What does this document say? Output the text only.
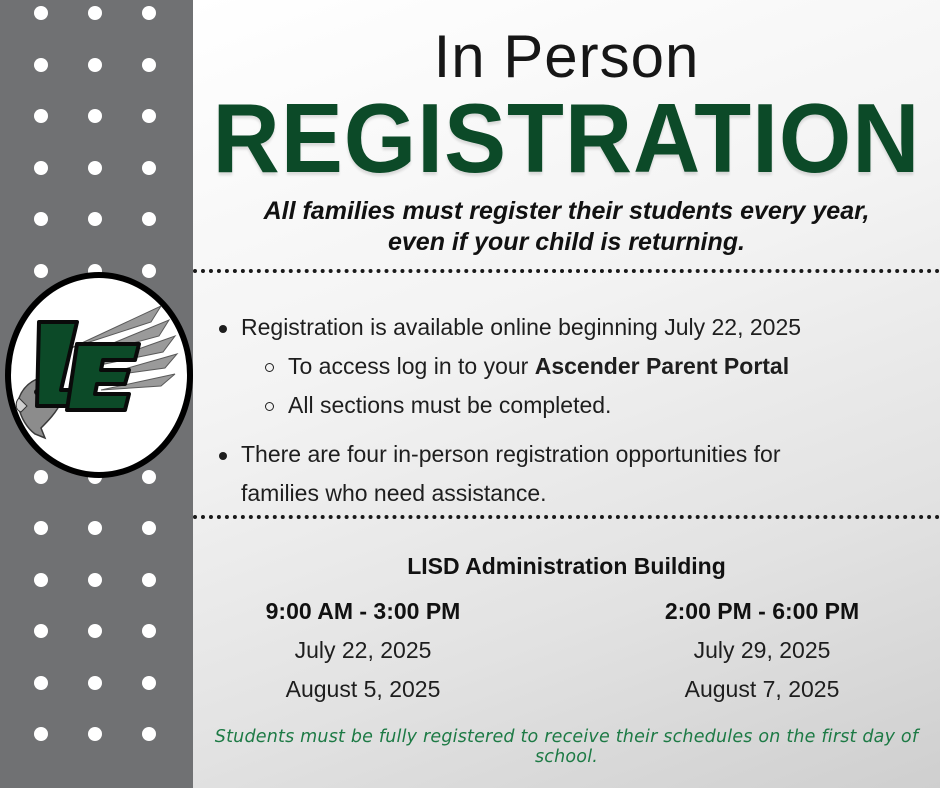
In Person
REGISTRATION
All families must register their students every year,
even if your child is returning.
Registration is available online beginning July 22, 2025
To access log in to your Ascender Parent Portal
All sections must be completed.
There are four in-person registration opportunities for
families who need assistance.
LISD Administration Building
9:00 AM - 3:00 PM
July 22, 2025
August 5, 2025
2:00 PM - 6:00 PM
July 29, 2025
August 7, 2025
Students must be fully registered to receive their schedules on the first day of school.
